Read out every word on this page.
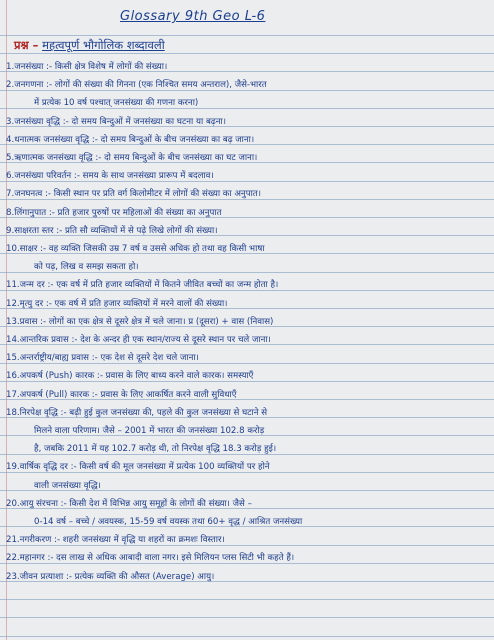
Glossary 9th Geo L-6
प्रश्न – महत्वपूर्ण भौगोलिक शब्दावली
1.जनसंख्या :- किसी क्षेत्र विशेष में लोगों की संख्या।
2.जनगणना :- लोगों की संख्या की गिनना (एक निश्चित समय अन्तराल), जैसे-भारत
में प्रत्येक 10 वर्ष पश्चात् जनसंख्या की गणना करना)
3.जनसंख्या वृद्धि :- दो समय बिन्दुओं में जनसंख्या का घटना या बढ़ना।
4.धनात्मक जनसंख्या वृद्धि :- दो समय बिन्दुओं के बीच जनसंख्या का बढ़ जाना।
5.ऋणात्मक जनसंख्या वृद्धि :- दो समय बिन्दुओं के बीच जनसंख्या का घट जाना।
6.जनसंख्या परिवर्तन :- समय के साथ जनसंख्या प्रारूप में बदलाव।
7.जनघनत्व :- किसी स्थान पर प्रति वर्ग किलोमीटर में लोगों की संख्या का अनुपात।
8.लिंगानुपात :- प्रति हजार पुरुषों पर महिलाओं की संख्या का अनुपात
9.साक्षरता स्तर :- प्रति सौ व्यक्तियों में से पढ़े लिखे लोगों की संख्या।
10.साक्षर :- वह व्यक्ति जिसकी उम्र 7 वर्ष व उससे अधिक हो तथा वह किसी भाषा
को पढ़, लिख व समझ सकता हो।
11.जन्म दर :- एक वर्ष में प्रति हजार व्यक्तियों में कितने जीवित बच्चों का जन्म होता है।
12.मृत्यु दर :- एक वर्ष में प्रति हजार व्यक्तियों में मरने वालों की संख्या।
13.प्रवास :- लोगों का एक क्षेत्र से दूसरे क्षेत्र में चले जाना। प्र (दूसरा) + वास (निवास)
14.आन्तरिक प्रवास :- देश के अन्दर ही एक स्थान/राज्य से दूसरे स्थान पर चले जाना।
15.अन्तर्राष्ट्रीय/बाह्य प्रवास :- एक देश से दूसरे देश चले जाना।
16.अपकर्ष (Push) कारक :- प्रवास के लिए बाध्य करने वाले कारक। समस्याएँ
17.अपकर्ष (Pull) कारक :- प्रवास के लिए आकर्षित करने वाली सुविधाएँ
18.निरपेक्ष वृद्धि :- बढ़ी हुई कुल जनसंख्या की, पहले की कुल जनसंख्या से घटाने से
मिलने वाला परिणाम। जैसे – 2001 में भारत की जनसंख्या 102.8 करोड़
है, जबकि 2011 में यह 102.7 करोड़ थी, तो निरपेक्ष वृद्धि 18.3 करोड़ हुई।
19.वार्षिक वृद्धि दर :- किसी वर्ष की मूल जनसंख्या में प्रत्येक 100 व्यक्तियों पर होने
वाली जनसंख्या वृद्धि।
20.आयु संरचना :- किसी देश में विभिन्न आयु समूहों के लोगों की संख्या। जैसे –
0-14 वर्ष – बच्चे / अवयस्क, 15-59 वर्ष वयस्क तथा 60+ वृद्ध / आश्रित जनसंख्या
21.नगरीकरण :- शहरी जनसंख्या में वृद्धि या शहरों का क्रमशः विस्तार।
22.महानगर :- दस लाख से अधिक आबादी वाला नगर। इसे मिलियन प्लस सिटी भी कहते हैं।
23.जीवन प्रत्याशा :- प्रत्येक व्यक्ति की औसत (Average) आयु।
